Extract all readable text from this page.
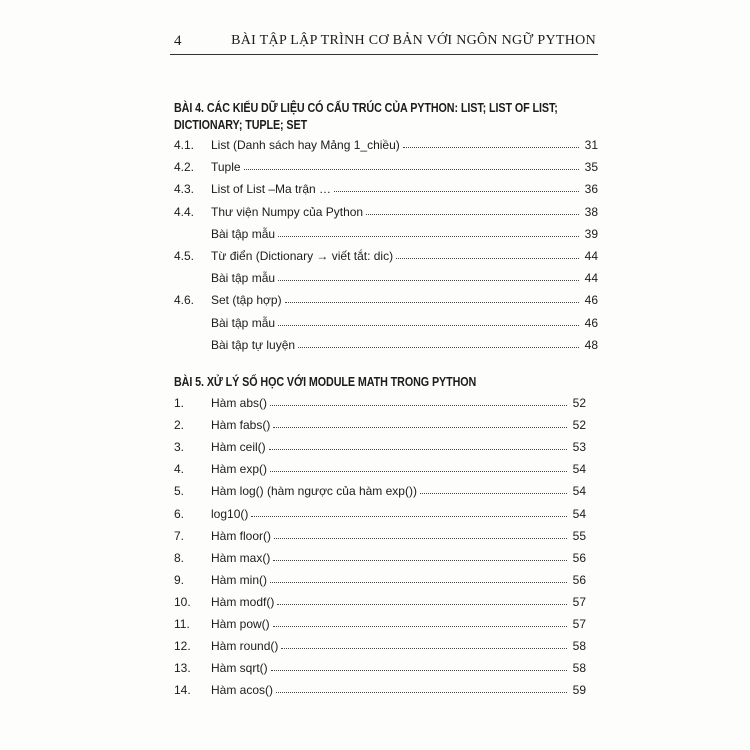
4	BÀI TẬP LẬP TRÌNH CƠ BẢN VỚI NGÔN NGỮ PYTHON
BÀI 4. CÁC KIỂU DỮ LIỆU CÓ CẤU TRÚC CỦA PYTHON: LIST; LIST OF LIST;
DICTIONARY; TUPLE; SET
4.1. List (Danh sách hay Mảng 1_chiều)	31
4.2. Tuple	35
4.3. List of List –Ma trận …	36
4.4. Thư viện Numpy của Python	38
Bài tập mẫu	39
4.5. Từ điển (Dictionary → viết tắt: dic)	44
Bài tập mẫu	44
4.6. Set (tập hợp)	46
Bài tập mẫu	46
Bài tập tự luyện	48
BÀI 5. XỬ LÝ SỐ HỌC VỚI MODULE MATH TRONG PYTHON
1. Hàm abs()	52
2. Hàm fabs()	52
3. Hàm ceil()	53
4. Hàm exp()	54
5. Hàm log() (hàm ngược của hàm exp())	54
6. log10()	54
7. Hàm floor()	55
8. Hàm max()	56
9. Hàm min()	56
10. Hàm modf()	57
11. Hàm pow()	57
12. Hàm round()	58
13. Hàm sqrt()	58
14. Hàm acos()	59
